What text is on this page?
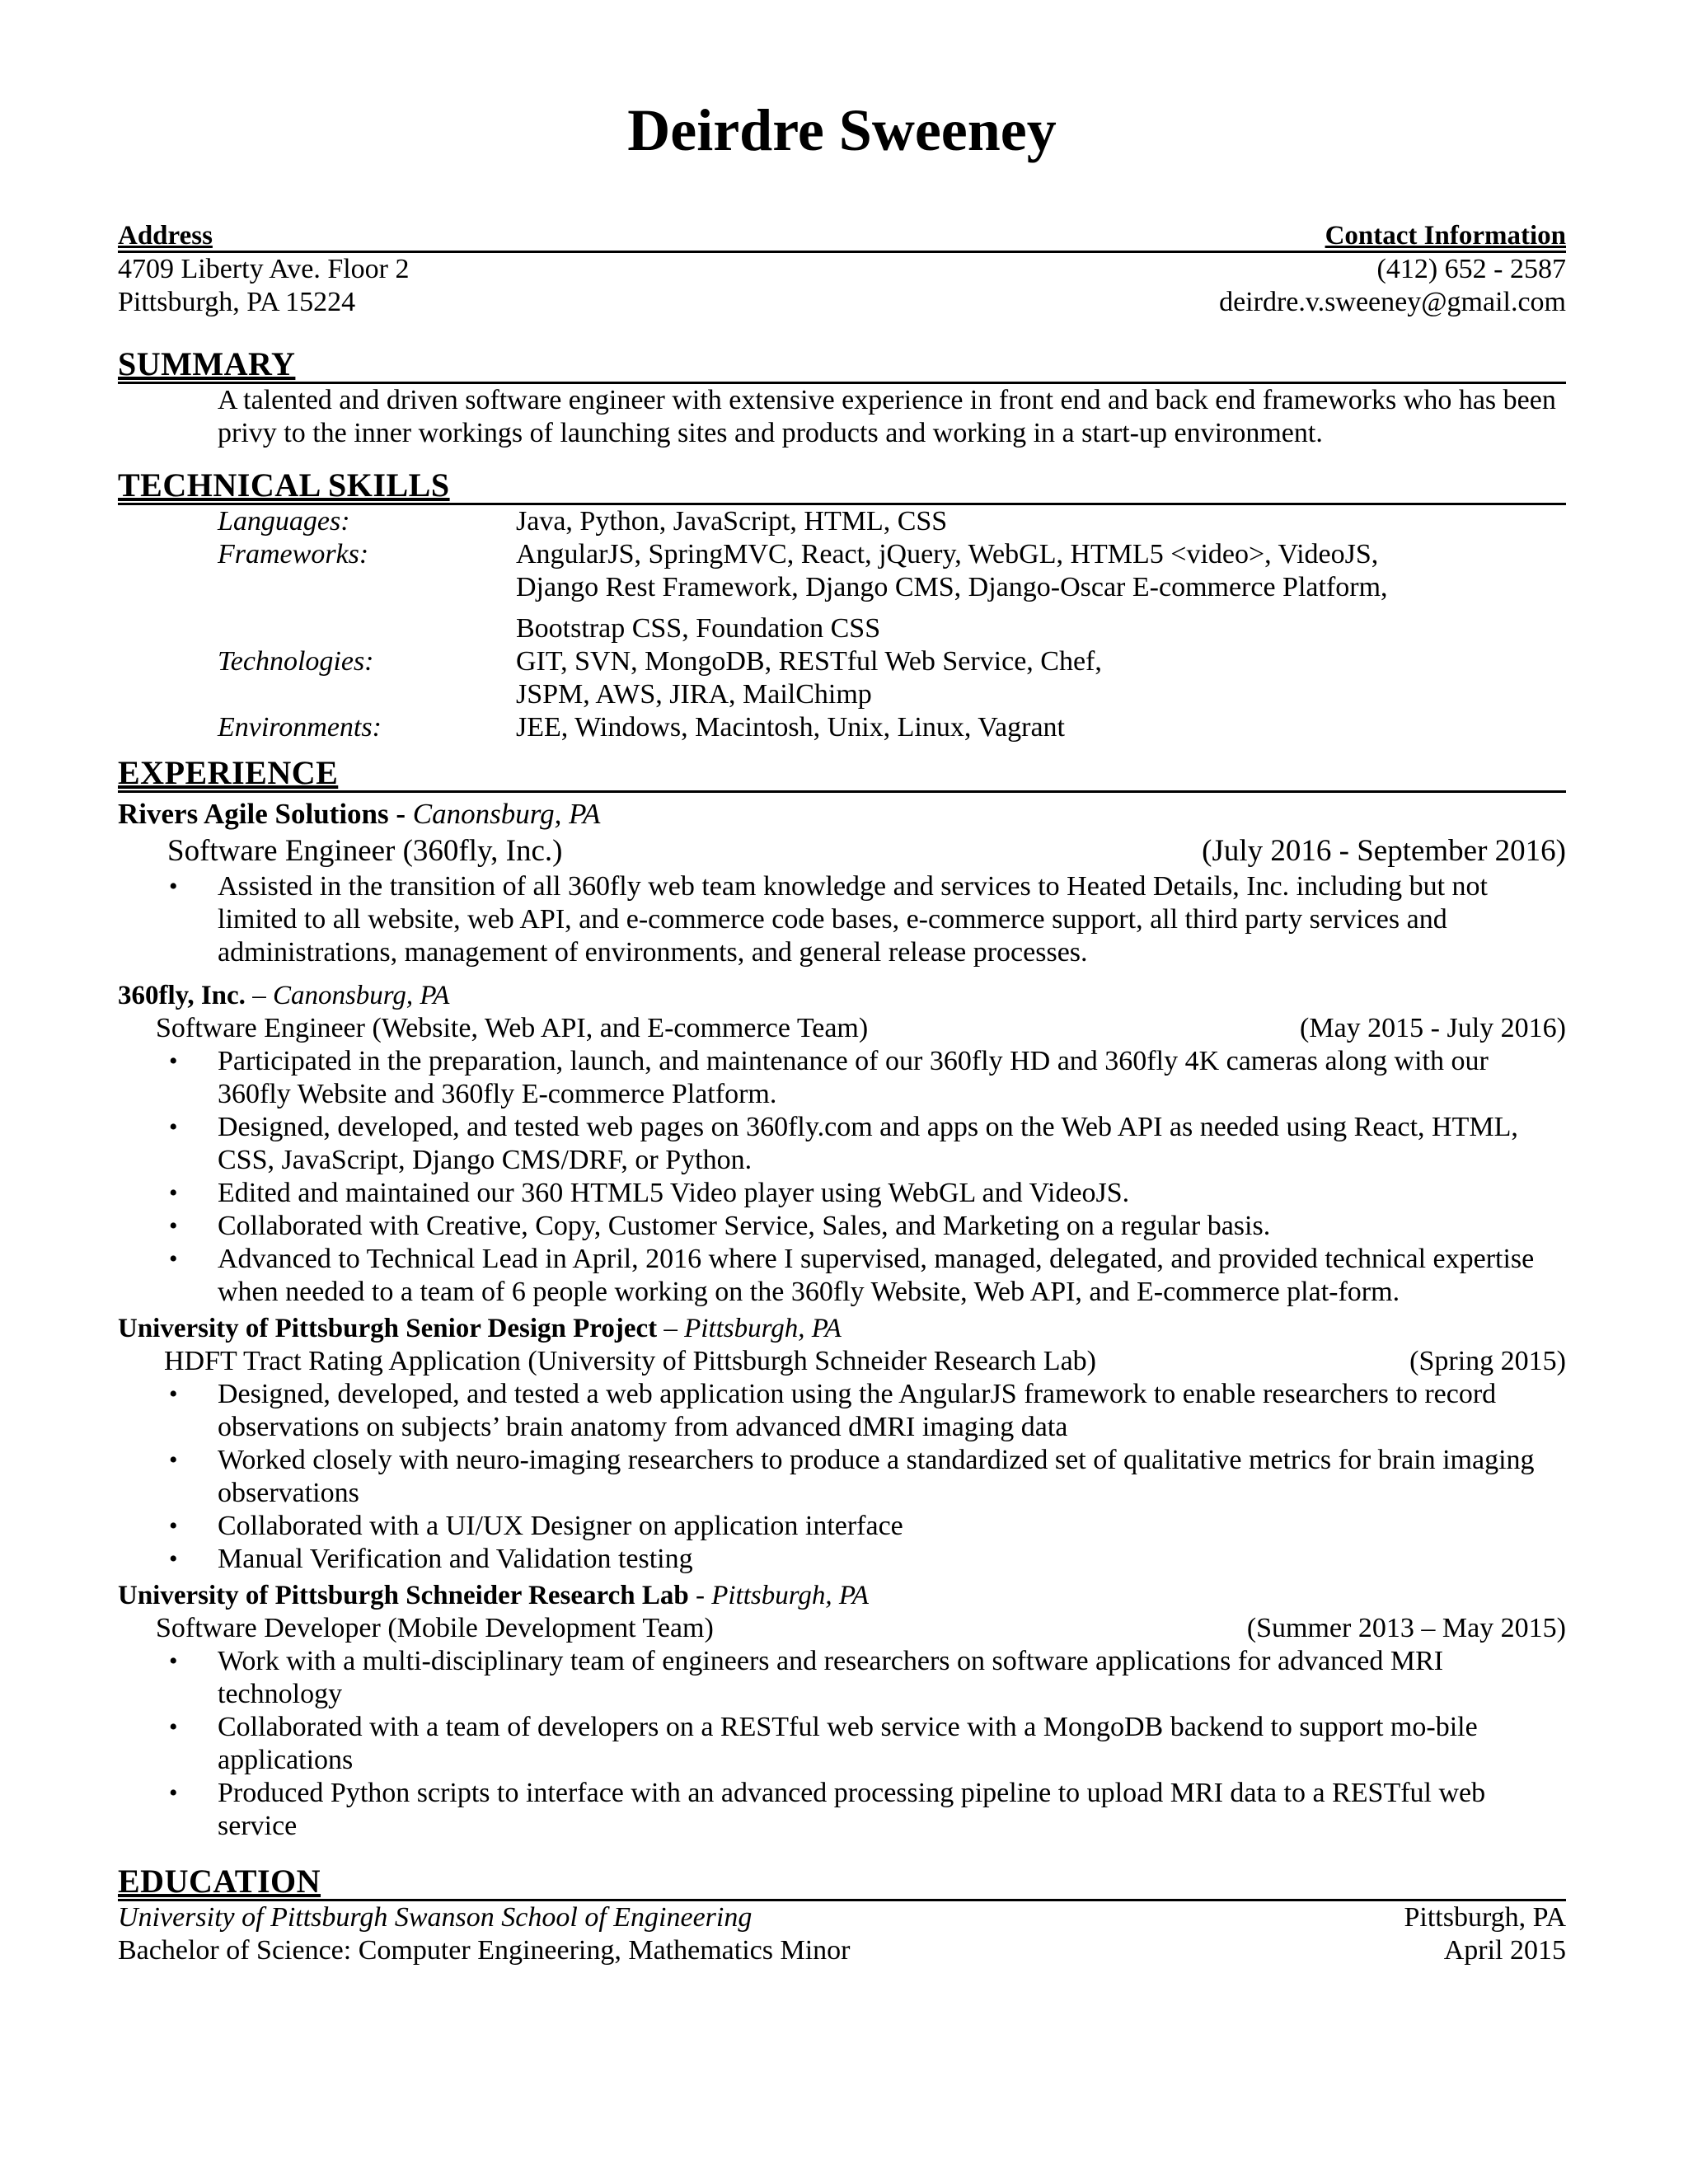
Deirdre Sweeney
Address	Contact Information
4709 Liberty Ave. Floor 2	(412) 652 - 2587
Pittsburgh, PA 15224	deirdre.v.sweeney@gmail.com
SUMMARY
A talented and driven software engineer with extensive experience in front end and back end frameworks who has been privy to the inner workings of launching sites and products and working in a start-up environment.
TECHNICAL SKILLS
Languages:	Java, Python, JavaScript, HTML, CSS
Frameworks:	AngularJS, SpringMVC, React, jQuery, WebGL, HTML5 <video>, VideoJS,
Django Rest Framework, Django CMS, Django-Oscar E-commerce Platform,
Bootstrap CSS, Foundation CSS
Technologies:	GIT, SVN, MongoDB, RESTful Web Service, Chef,
JSPM, AWS, JIRA, MailChimp
Environments:	JEE, Windows, Macintosh, Unix, Linux, Vagrant
EXPERIENCE
Rivers Agile Solutions - Canonsburg, PA
Software Engineer (360fly, Inc.)	(July 2016 - September 2016)
• Assisted in the transition of all 360fly web team knowledge and services to Heated Details, Inc. including but not limited to all website, web API, and e-commerce code bases, e-commerce support, all third party services and administrations, management of environments, and general release processes.
360fly, Inc. – Canonsburg, PA
Software Engineer (Website, Web API, and E-commerce Team)	(May 2015 - July 2016)
• Participated in the preparation, launch, and maintenance of our 360fly HD and 360fly 4K cameras along with our 360fly Website and 360fly E-commerce Platform.
• Designed, developed, and tested web pages on 360fly.com and apps on the Web API as needed using React, HTML, CSS, JavaScript, Django CMS/DRF, or Python.
• Edited and maintained our 360 HTML5 Video player using WebGL and VideoJS.
• Collaborated with Creative, Copy, Customer Service, Sales, and Marketing on a regular basis.
• Advanced to Technical Lead in April, 2016 where I supervised, managed, delegated, and provided technical expertise when needed to a team of 6 people working on the 360fly Website, Web API, and E-commerce plat-form.
University of Pittsburgh Senior Design Project – Pittsburgh, PA
HDFT Tract Rating Application (University of Pittsburgh Schneider Research Lab)	(Spring 2015)
• Designed, developed, and tested a web application using the AngularJS framework to enable researchers to record observations on subjects’ brain anatomy from advanced dMRI imaging data
• Worked closely with neuro-imaging researchers to produce a standardized set of qualitative metrics for brain imaging observations
• Collaborated with a UI/UX Designer on application interface
• Manual Verification and Validation testing
University of Pittsburgh Schneider Research Lab - Pittsburgh, PA
Software Developer (Mobile Development Team)	(Summer 2013 – May 2015)
• Work with a multi-disciplinary team of engineers and researchers on software applications for advanced MRI technology
• Collaborated with a team of developers on a RESTful web service with a MongoDB backend to support mo-bile applications
• Produced Python scripts to interface with an advanced processing pipeline to upload MRI data to a RESTful web service
EDUCATION
University of Pittsburgh Swanson School of Engineering	Pittsburgh, PA
Bachelor of Science: Computer Engineering, Mathematics Minor	April 2015
